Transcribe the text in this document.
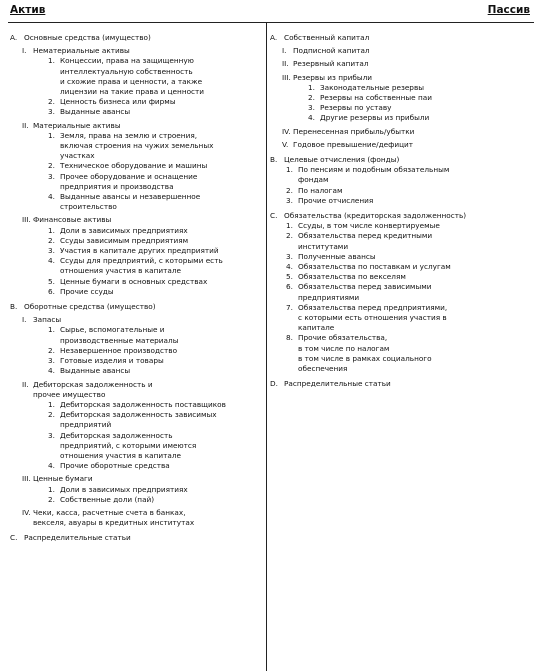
Актив	Пассив
A. Основные средства (имущество)
I. Нематериальные активы
1. Концессии, права на защищенную
интеллектуальную собственность
и схожие права и ценности, а также
лицензии на такие права и ценности
2. Ценность бизнеса или фирмы
3. Выданные авансы
II. Материальные активы
1. Земля, права на землю и строения,
включая строения на чужих земельных
участках
2. Техническое оборудование и машины
3. Прочее оборудование и оснащение
предприятия и производства
4. Выданные авансы и незавершенное
строительство
III. Финансовые активы
1. Доли в зависимых предприятиях
2. Ссуды зависимым предприятиям
3. Участия в капитале других предприятий
4. Ссуды для предприятий, с которыми есть
отношения участия в капитале
5. Ценные бумаги в основных средствах
6. Прочие ссуды
B. Оборотные средства (имущество)
I. Запасы
1. Сырье, вспомогательные и
производственные материалы
2. Незавершенное производство
3. Готовые изделия и товары
4. Выданные авансы
II. Дебиторская задолженность и
прочее имущество
1. Дебиторская задолженность поставщиков
2. Дебиторская задолженность зависимых
предприятий
3. Дебиторская задолженность
предприятий, с которыми имеются
отношения участия в капитале
4. Прочие оборотные средства
III. Ценные бумаги
1. Доли в зависимых предприятиях
2. Собственные доли (пай)
IV. Чеки, касса, расчетные счета в банках,
векселя, авуары в кредитных институтах
C. Распределительные статьи
A. Собственный капитал
I. Подписной капитал
II. Резервный капитал
III. Резервы из прибыли
1. Законодательные резервы
2. Резервы на собственные паи
3. Резервы по уставу
4. Другие резервы из прибыли
IV. Перенесенная прибыль/убытки
V. Годовое превышение/дефицит
B. Целевые отчисления (фонды)
1. По пенсиям и подобным обязательным
фондам
2. По налогам
3. Прочие отчисления
C. Обязательства (кредиторская задолженность)
1. Ссуды, в том числе конвертируемые
2. Обязательства перед кредитными
институтами
3. Полученные авансы
4. Обязательства по поставкам и услугам
5. Обязательства по векселям
6. Обязательства перед зависимыми
предприятиями
7. Обязательства перед предприятиями,
с которыми есть отношения участия в
капитале
8. Прочие обязательства,
в том числе по налогам
в том числе в рамках социального
обеспечения
D. Распределительные статьи
